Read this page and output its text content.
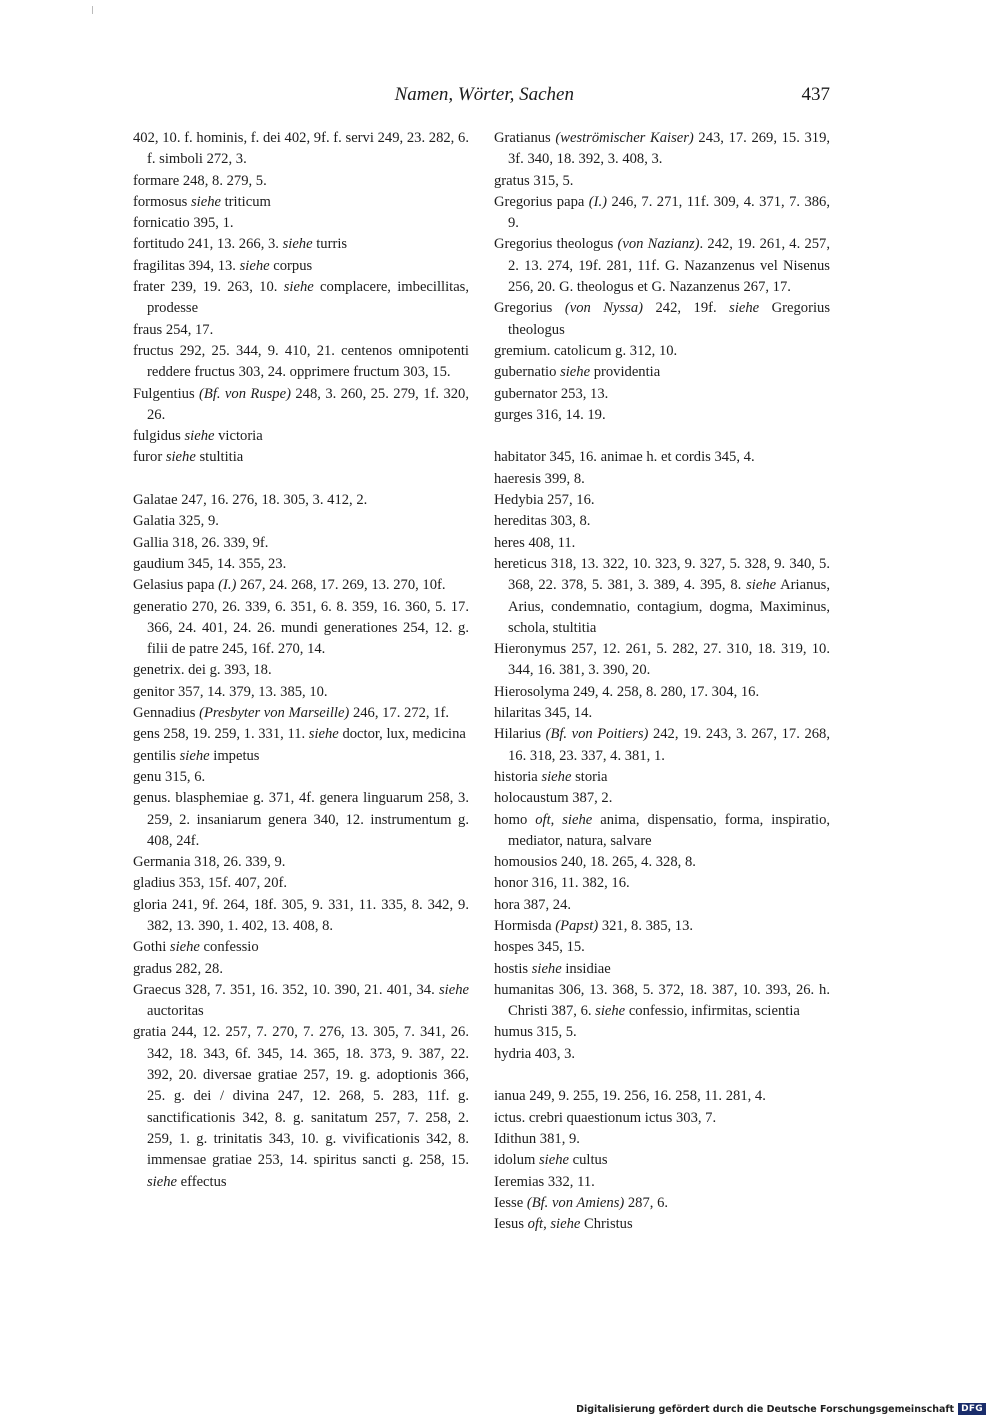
Namen, Wörter, Sachen	437

402, 10. f. hominis, f. dei 402, 9f. f. servi 249, 23. 282, 6. f. simboli 272, 3.

formare 248, 8. 279, 5.

formosus siehe triticum

fornicatio 395, 1.

fortitudo 241, 13. 266, 3. siehe turris

fragilitas 394, 13. siehe corpus

frater 239, 19. 263, 10. siehe complacere, imbecillitas, prodesse

fraus 254, 17.

fructus 292, 25. 344, 9. 410, 21. centenos omnipotenti reddere fructus 303, 24. opprimere fructum 303, 15.

Fulgentius (Bf. von Ruspe) 248, 3. 260, 25. 279, 1f. 320, 26.

fulgidus siehe victoria

furor siehe stultitia

Galatae 247, 16. 276, 18. 305, 3. 412, 2.

Galatia 325, 9.

Gallia 318, 26. 339, 9f.

gaudium 345, 14. 355, 23.

Gelasius papa (I.) 267, 24. 268, 17. 269, 13. 270, 10f.

generatio 270, 26. 339, 6. 351, 6. 8. 359, 16. 360, 5. 17. 366, 24. 401, 24. 26. mundi generationes 254, 12. g. filii de patre 245, 16f. 270, 14.

genetrix. dei g. 393, 18.

genitor 357, 14. 379, 13. 385, 10.

Gennadius (Presbyter von Marseille) 246, 17. 272, 1f.

gens 258, 19. 259, 1. 331, 11. siehe doctor, lux, medicina

gentilis siehe impetus

genu 315, 6.

genus. blasphemiae g. 371, 4f. genera linguarum 258, 3. 259, 2. insaniarum genera 340, 12. instrumentum g. 408, 24f.

Germania 318, 26. 339, 9.

gladius 353, 15f. 407, 20f.

gloria 241, 9f. 264, 18f. 305, 9. 331, 11. 335, 8. 342, 9. 382, 13. 390, 1. 402, 13. 408, 8.

Gothi siehe confessio

gradus 282, 28.

Graecus 328, 7. 351, 16. 352, 10. 390, 21. 401, 34. siehe auctoritas

gratia 244, 12. 257, 7. 270, 7. 276, 13. 305, 7. 341, 26. 342, 18. 343, 6f. 345, 14. 365, 18. 373, 9. 387, 22. 392, 20. diversae gratiae 257, 19. g. adoptionis 366, 25. g. dei / divina 247, 12. 268, 5. 283, 11f. g. sanctificationis 342, 8. g. sanitatum 257, 7. 258, 2. 259, 1. g. trinitatis 343, 10. g. vivificationis 342, 8. immensae gratiae 253, 14. spiritus sancti g. 258, 15. siehe effectus

Gratianus (weströmischer Kaiser) 243, 17. 269, 15. 319, 3f. 340, 18. 392, 3. 408, 3.

gratus 315, 5.

Gregorius papa (I.) 246, 7. 271, 11f. 309, 4. 371, 7. 386, 9.

Gregorius theologus (von Nazianz). 242, 19. 261, 4. 257, 2. 13. 274, 19f. 281, 11f. G. Nazanzenus vel Nisenus 256, 20. G. theologus et G. Nazanzenus 267, 17.

Gregorius (von Nyssa) 242, 19f. siehe Gregorius theologus

gremium. catolicum g. 312, 10.

gubernatio siehe providentia

gubernator 253, 13.

gurges 316, 14. 19.

habitator 345, 16. animae h. et cordis 345, 4.

haeresis 399, 8.

Hedybia 257, 16.

hereditas 303, 8.

heres 408, 11.

hereticus 318, 13. 322, 10. 323, 9. 327, 5. 328, 9. 340, 5. 368, 22. 378, 5. 381, 3. 389, 4. 395, 8. siehe Arianus, Arius, condemnatio, contagium, dogma, Maximinus, schola, stultitia

Hieronymus 257, 12. 261, 5. 282, 27. 310, 18. 319, 10. 344, 16. 381, 3. 390, 20.

Hierosolyma 249, 4. 258, 8. 280, 17. 304, 16.

hilaritas 345, 14.

Hilarius (Bf. von Poitiers) 242, 19. 243, 3. 267, 17. 268, 16. 318, 23. 337, 4. 381, 1.

historia siehe storia

holocaustum 387, 2.

homo oft, siehe anima, dispensatio, forma, inspiratio, mediator, natura, salvare

homousios 240, 18. 265, 4. 328, 8.

honor 316, 11. 382, 16.

hora 387, 24.

Hormisda (Papst) 321, 8. 385, 13.

hospes 345, 15.

hostis siehe insidiae

humanitas 306, 13. 368, 5. 372, 18. 387, 10. 393, 26. h. Christi 387, 6. siehe confessio, infirmitas, scientia

humus 315, 5.

hydria 403, 3.

ianua 249, 9. 255, 19. 256, 16. 258, 11. 281, 4.

ictus. crebri quaestionum ictus 303, 7.

Idithun 381, 9.

idolum siehe cultus

Ieremias 332, 11.

Iesse (Bf. von Amiens) 287, 6.

Iesus oft, siehe Christus

Digitalisierung gefördert durch die Deutsche Forschungsgemeinschaft DFG
